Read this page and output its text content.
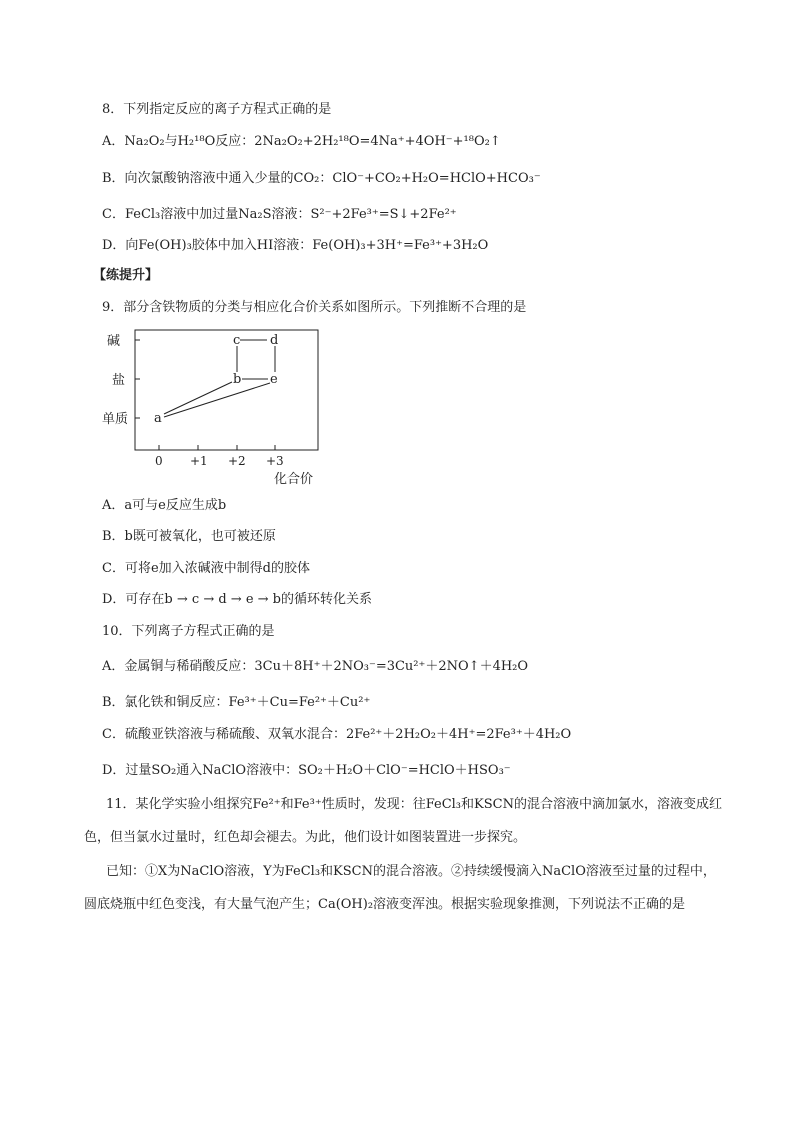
8．下列指定反应的离子方程式正确的是
A．Na₂O₂与H₂¹⁸O反应：2Na₂O₂+2H₂¹⁸O=4Na⁺+4OH⁻+¹⁸O₂↑
B．向次氯酸钠溶液中通入少量的CO₂：ClO⁻+CO₂+H₂O=HClO+HCO₃⁻
C．FeCl₃溶液中加过量Na₂S溶液：S²⁻+2Fe³⁺=S↓+2Fe²⁺
D．向Fe(OH)₃胶体中加入HI溶液：Fe(OH)₃+3H⁺=Fe³⁺+3H₂O
【练提升】
9．部分含铁物质的分类与相应化合价关系如图所示。下列推断不合理的是
碱
盐
单质
0 +1 +2 +3
化合价
c d
b e
a
A．a可与e反应生成b
B．b既可被氧化，也可被还原
C．可将e加入浓碱液中制得d的胶体
D．可存在b → c → d → e → b的循环转化关系
10．下列离子方程式正确的是
A．金属铜与稀硝酸反应：3Cu＋8H⁺＋2NO₃⁻=3Cu²⁺＋2NO↑＋4H₂O
B．氯化铁和铜反应：Fe³⁺＋Cu=Fe²⁺＋Cu²⁺
C．硫酸亚铁溶液与稀硫酸、双氧水混合：2Fe²⁺＋2H₂O₂＋4H⁺=2Fe³⁺＋4H₂O
D．过量SO₂通入NaClO溶液中：SO₂＋H₂O＋ClO⁻=HClO＋HSO₃⁻
11．某化学实验小组探究Fe²⁺和Fe³⁺性质时，发现：往FeCl₃和KSCN的混合溶液中滴加氯水，溶液变成红色，但当氯水过量时，红色却会褪去。为此，他们设计如图装置进一步探究。
已知：①X为NaClO溶液，Y为FeCl₃和KSCN的混合溶液。②持续缓慢滴入NaClO溶液至过量的过程中，圆底烧瓶中红色变浅，有大量气泡产生；Ca(OH)₂溶液变浑浊。根据实验现象推测，下列说法不正确的是
